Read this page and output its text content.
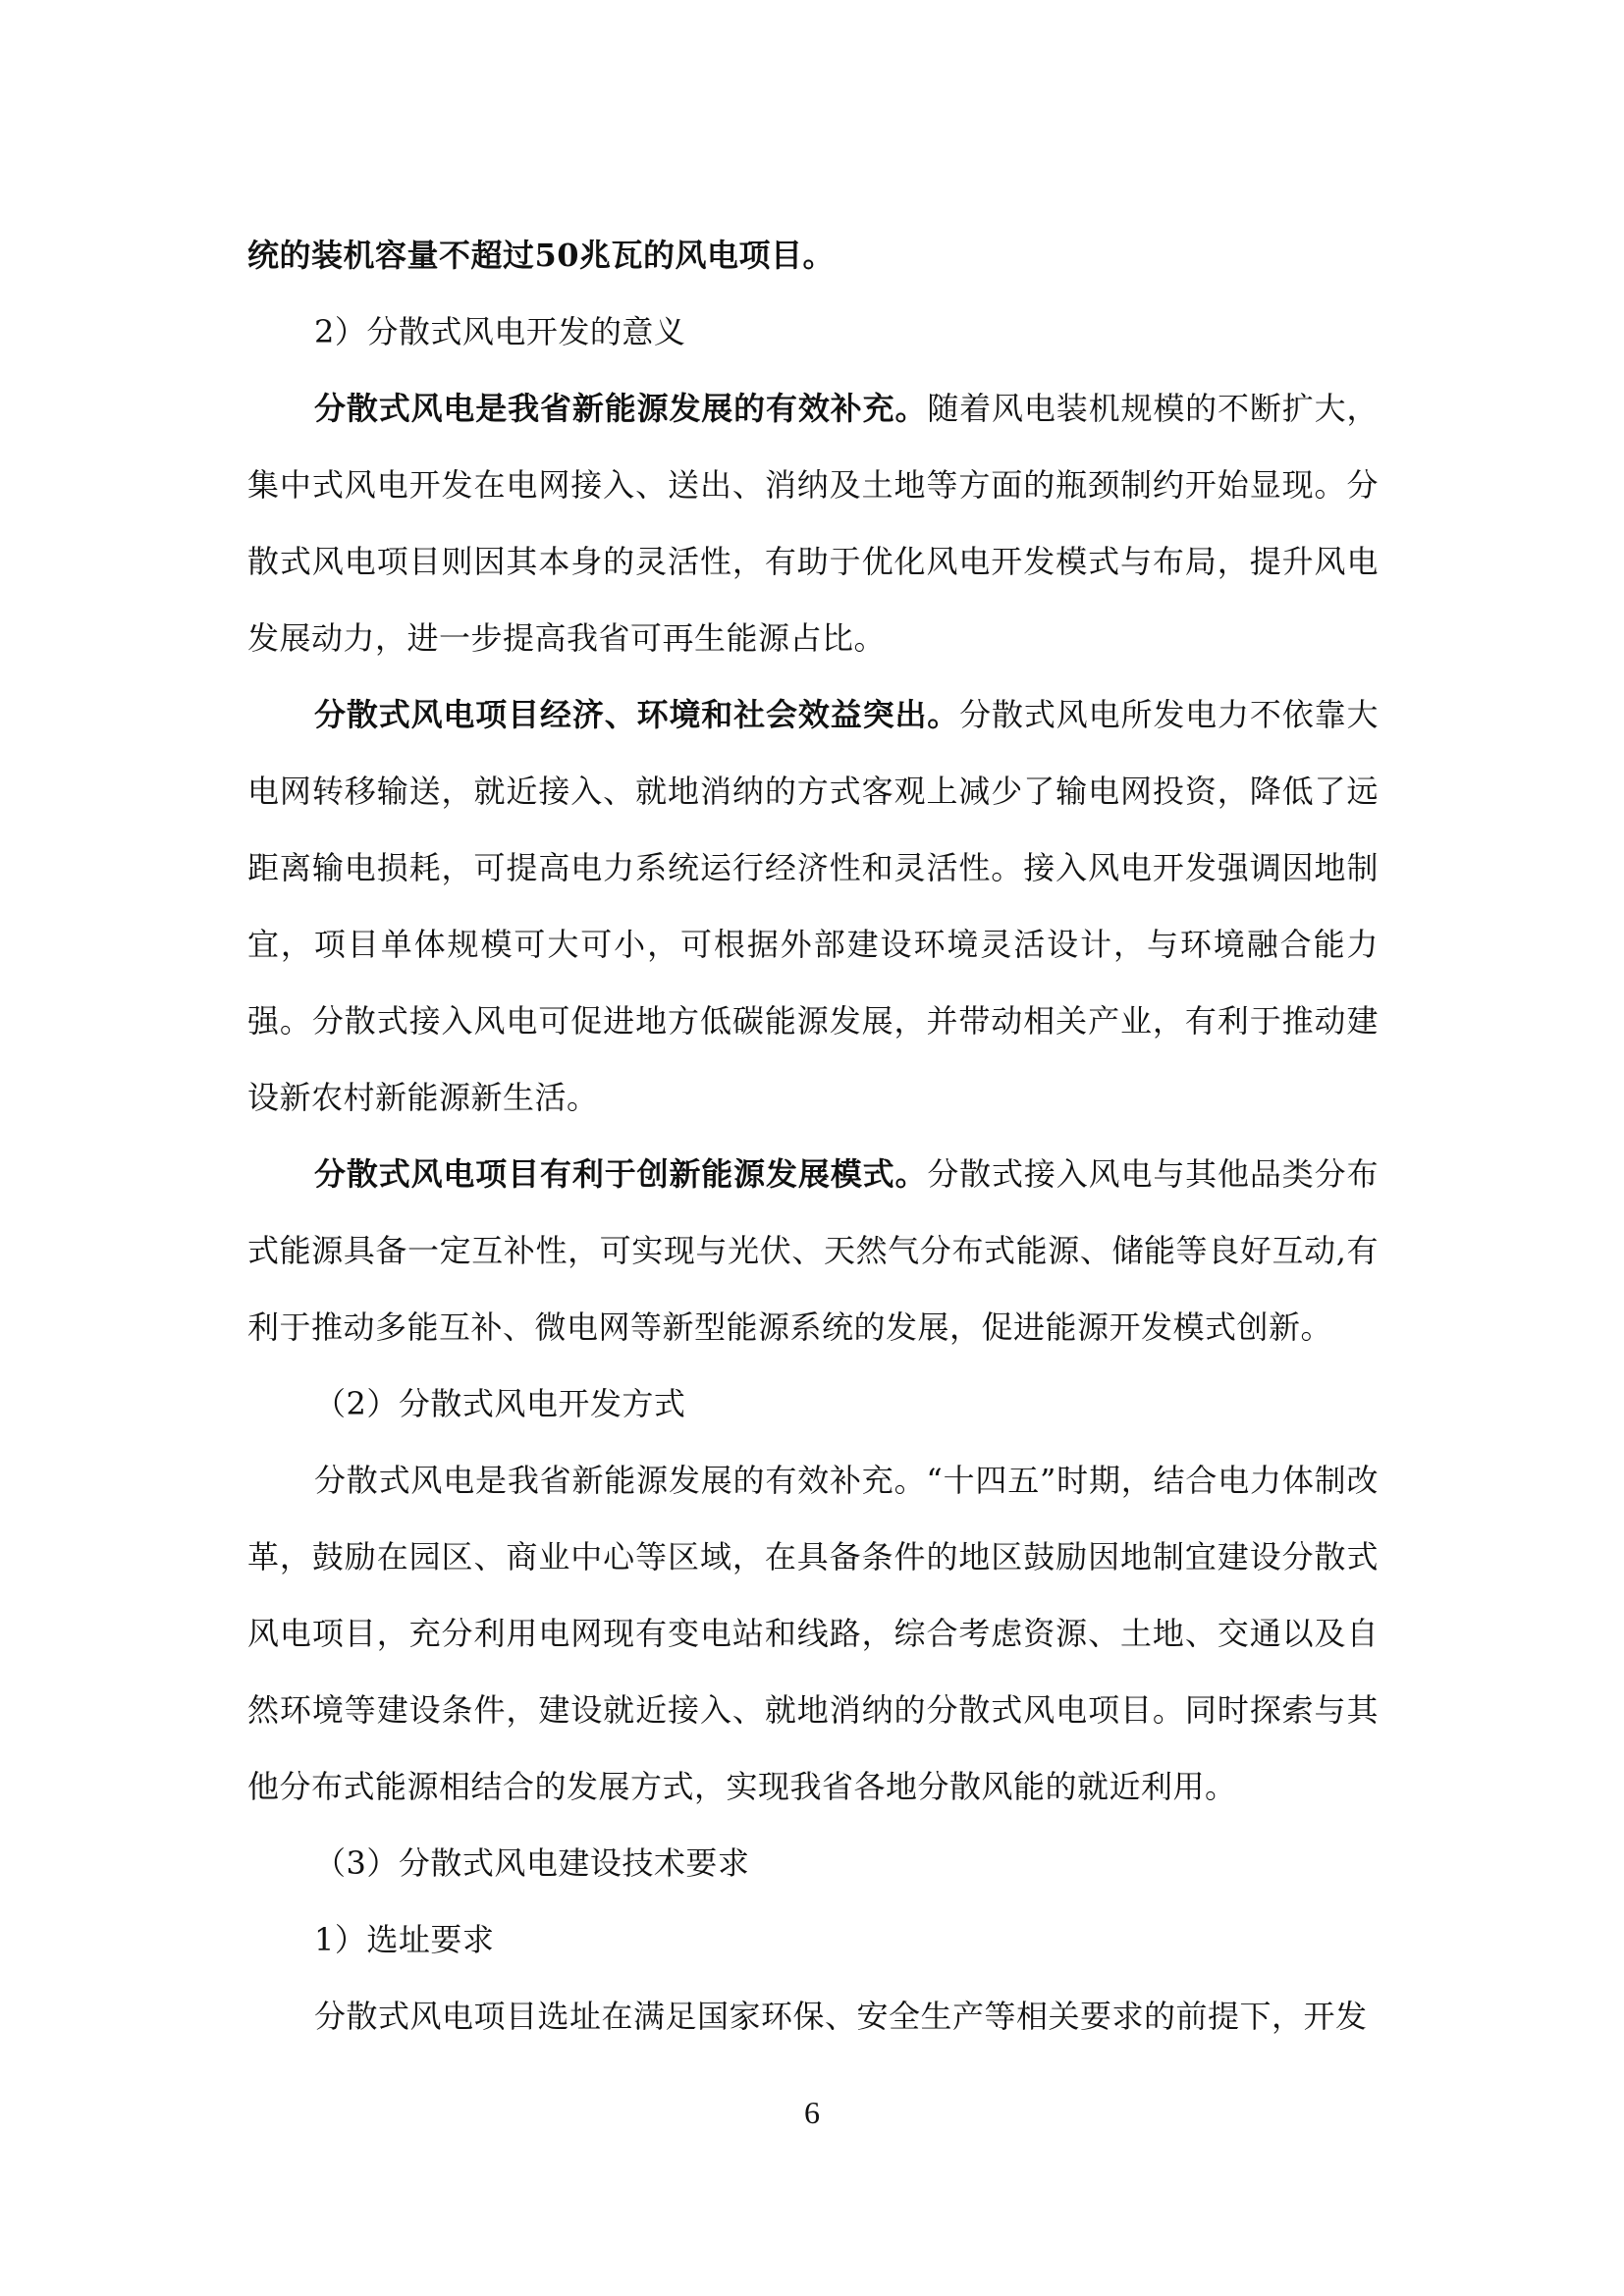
统的装机容量不超过50兆瓦的风电项目。

2）分散式风电开发的意义

分散式风电是我省新能源发展的有效补充。随着风电装机规模的不断扩大，集中式风电开发在电网接入、送出、消纳及土地等方面的瓶颈制约开始显现。分散式风电项目则因其本身的灵活性，有助于优化风电开发模式与布局，提升风电发展动力，进一步提高我省可再生能源占比。

分散式风电项目经济、环境和社会效益突出。分散式风电所发电力不依靠大电网转移输送，就近接入、就地消纳的方式客观上减少了输电网投资，降低了远距离输电损耗，可提高电力系统运行经济性和灵活性。接入风电开发强调因地制宜，项目单体规模可大可小，可根据外部建设环境灵活设计，与环境融合能力强。分散式接入风电可促进地方低碳能源发展，并带动相关产业，有利于推动建设新农村新能源新生活。

分散式风电项目有利于创新能源发展模式。分散式接入风电与其他品类分布式能源具备一定互补性，可实现与光伏、天然气分布式能源、储能等良好互动,有利于推动多能互补、微电网等新型能源系统的发展，促进能源开发模式创新。

（2）分散式风电开发方式

分散式风电是我省新能源发展的有效补充。“十四五”时期，结合电力体制改革，鼓励在园区、商业中心等区域，在具备条件的地区鼓励因地制宜建设分散式风电项目，充分利用电网现有变电站和线路，综合考虑资源、土地、交通以及自然环境等建设条件，建设就近接入、就地消纳的分散式风电项目。同时探索与其他分布式能源相结合的发展方式，实现我省各地分散风能的就近利用。

（3）分散式风电建设技术要求

1）选址要求

分散式风电项目选址在满足国家环保、安全生产等相关要求的前提下，开发

6
